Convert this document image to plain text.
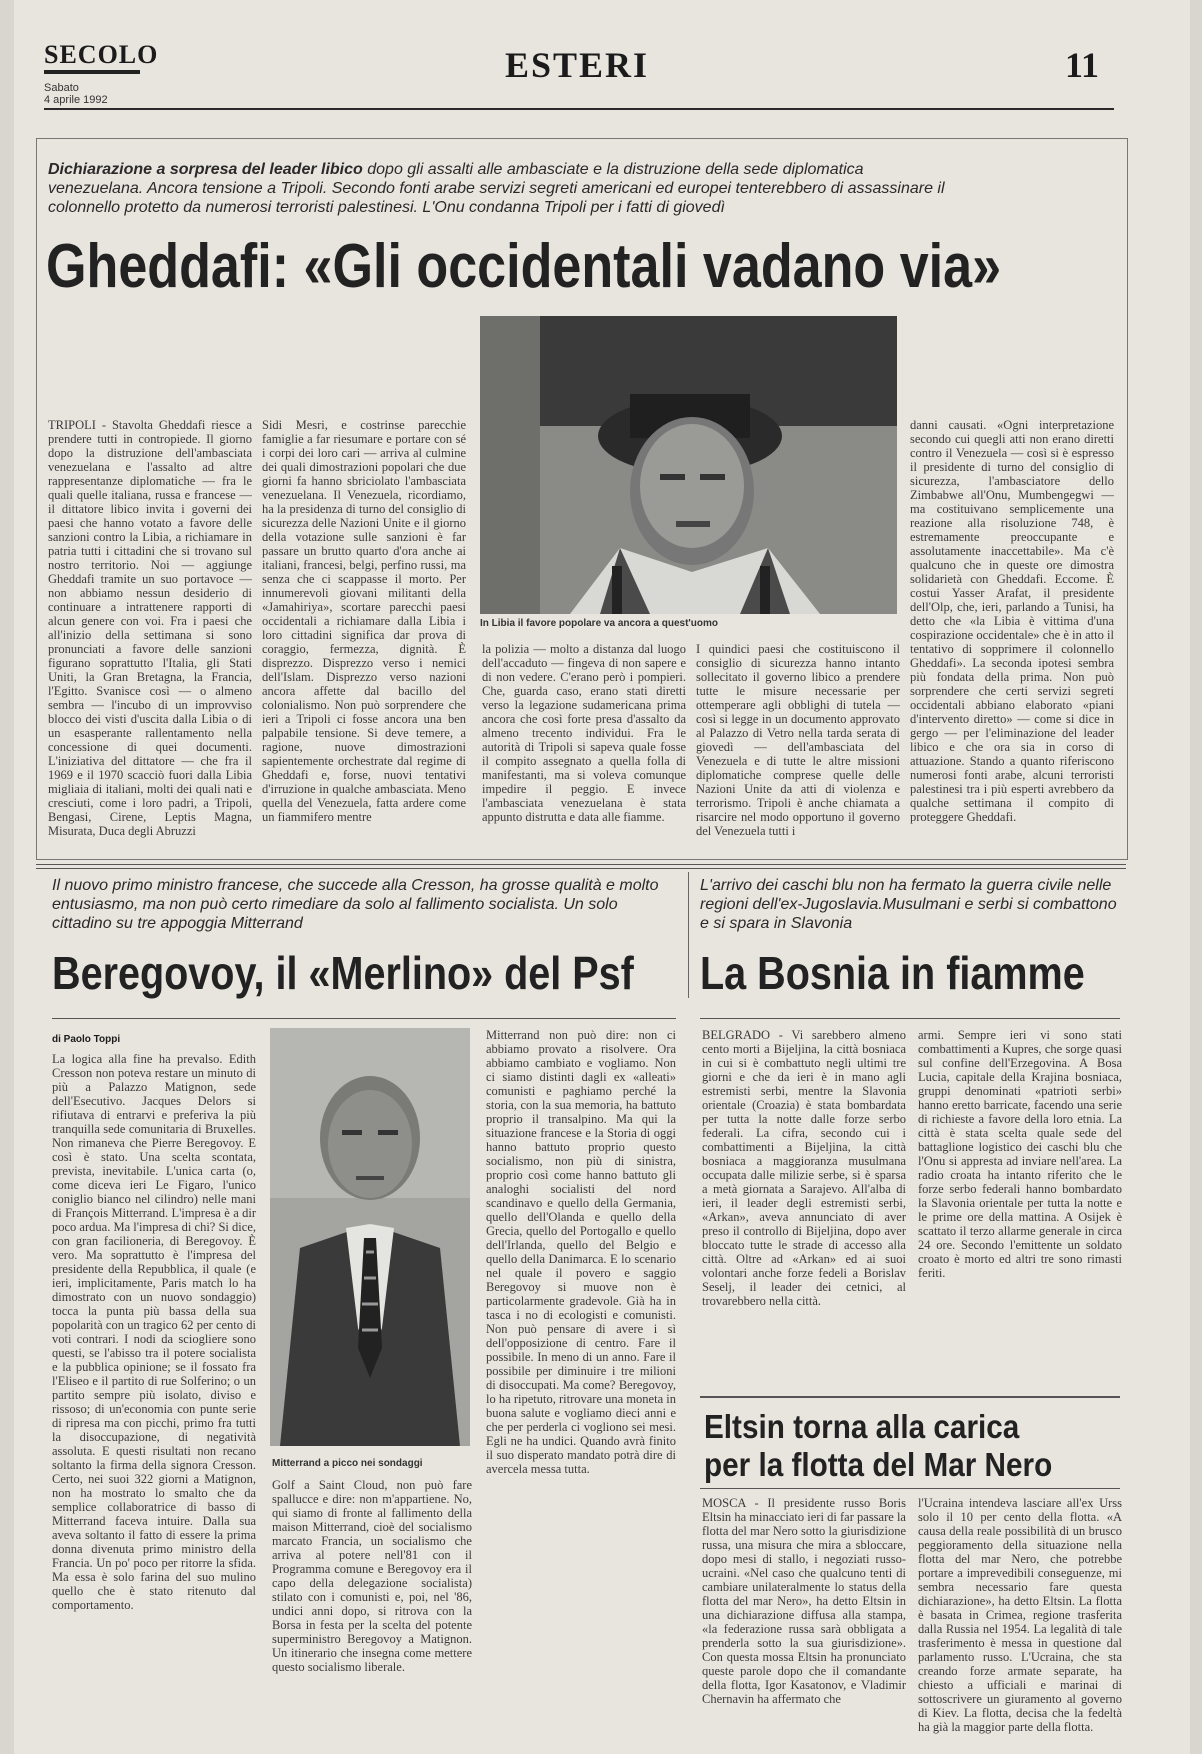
SECOLO
Sabato
4 aprile 1992
ESTERI	11
Dichiarazione a sorpresa del leader libico dopo gli assalti alle ambasciate e la distruzione della sede diplomatica venezuelana. Ancora tensione a Tripoli. Secondo fonti arabe servizi segreti americani ed europei tenterebbero di assassinare il colonnello protetto da numerosi terroristi palestinesi. L'Onu condanna Tripoli per i fatti di giovedì
Gheddafi: «Gli occidentali vadano via»
In Libia il favore popolare va ancora a quest'uomo
TRIPOLI - Stavolta Gheddafi riesce a prendere tutti in contropiede. Il giorno dopo la distruzione dell'ambasciata venezuelana e l'assalto ad altre rappresentanze diplomatiche — fra le quali quelle italiana, russa e francese — il dittatore libico invita i governi dei paesi che hanno votato a favore delle sanzioni contro la Libia, a richiamare in patria tutti i cittadini che si trovano sul nostro territorio. Noi — aggiunge Gheddafi tramite un suo portavoce — non abbiamo nessun desiderio di continuare a intrattenere rapporti di alcun genere con voi. Fra i paesi che all'inizio della settimana si sono pronunciati a favore delle sanzioni figurano soprattutto l'Italia, gli Stati Uniti, la Gran Bretagna, la Francia, l'Egitto. Svanisce così — o almeno sembra — l'incubo di un improvviso blocco dei visti d'uscita dalla Libia o di un esasperante rallentamento nella concessione di quei documenti. L'iniziativa del dittatore — che fra il 1969 e il 1970 scacciò fuori dalla Libia migliaia di italiani, molti dei quali nati e cresciuti, come i loro padri, a Tripoli, Bengasi, Cirene, Leptis Magna, Misurata, Duca degli Abruzzi
Sidi Mesri, e costrinse parecchie famiglie a far riesumare e portare con sé i corpi dei loro cari — arriva al culmine dei quali dimostrazioni popolari che due giorni fa hanno sbriciolato l'ambasciata venezuelana. Il Venezuela, ricordiamo, ha la presidenza di turno del consiglio di sicurezza delle Nazioni Unite e il giorno della votazione sulle sanzioni è far passare un brutto quarto d'ora anche ai italiani, francesi, belgi, perfino russi, ma senza che ci scappasse il morto. Per innumerevoli giovani militanti della «Jamahiriya», scortare parecchi paesi occidentali a richiamare dalla Libia i loro cittadini significa dar prova di coraggio, fermezza, dignità. È disprezzo. Disprezzo verso i nemici dell'Islam. Disprezzo verso nazioni ancora affette dal bacillo del colonialismo. Non può sorprendere che ieri a Tripoli ci fosse ancora una ben palpabile tensione. Si deve temere, a ragione, nuove dimostrazioni sapientemente orchestrate dal regime di Gheddafi e, forse, nuovi tentativi d'irruzione in qualche ambasciata. Meno quella del Venezuela, fatta ardere come un fiammifero mentre
la polizia — molto a distanza dal luogo dell'accaduto — fingeva di non sapere e di non vedere. C'erano però i pompieri. Che, guarda caso, erano stati diretti verso la legazione sudamericana prima ancora che così forte presa d'assalto da almeno trecento individui. Fra le autorità di Tripoli si sapeva quale fosse il compito assegnato a quella folla di manifestanti, ma si voleva comunque impedire il peggio. E invece l'ambasciata venezuelana è stata appunto distrutta e data alle fiamme.
I quindici paesi che costituiscono il consiglio di sicurezza hanno intanto sollecitato il governo libico a prendere tutte le misure necessarie per ottemperare agli obblighi di tutela — così si legge in un documento approvato al Palazzo di Vetro nella tarda serata di giovedì — dell'ambasciata del Venezuela e di tutte le altre missioni diplomatiche comprese quelle delle Nazioni Unite da atti di violenza e terrorismo. Tripoli è anche chiamata a risarcire nel modo opportuno il governo del Venezuela tutti i
danni causati. «Ogni interpretazione secondo cui quegli atti non erano diretti contro il Venezuela — così si è espresso il presidente di turno del consiglio di sicurezza, l'ambasciatore dello Zimbabwe all'Onu, Mumbengegwi — ma costituivano semplicemente una reazione alla risoluzione 748, è estremamente preoccupante e assolutamente inaccettabile». Ma c'è qualcuno che in queste ore dimostra solidarietà con Gheddafi. Eccome. È costui Yasser Arafat, il presidente dell'Olp, che, ieri, parlando a Tunisi, ha detto che «la Libia è vittima d'una cospirazione occidentale» che è in atto il tentativo di sopprimere il colonnello Gheddafi». La seconda ipotesi sembra più fondata della prima. Non può sorprendere che certi servizi segreti occidentali abbiano elaborato «piani d'intervento diretto» — come si dice in gergo — per l'eliminazione del leader libico e che ora sia in corso di attuazione. Stando a quanto riferiscono numerosi fonti arabe, alcuni terroristi palestinesi tra i più esperti avrebbero da qualche settimana il compito di proteggere Gheddafi.
Il nuovo primo ministro francese, che succede alla Cresson, ha grosse qualità e molto entusiasmo, ma non può certo rimediare da solo al fallimento socialista. Un solo cittadino su tre appoggia Mitterrand
Beregovoy, il «Merlino» del Psf
di Paolo Toppi
Mitterrand a picco nei sondaggi
La logica alla fine ha prevalso. Edith Cresson non poteva restare un minuto di più a Palazzo Matignon, sede dell'Esecutivo. Jacques Delors si rifiutava di entrarvi e preferiva la più tranquilla sede comunitaria di Bruxelles. Non rimaneva che Pierre Beregovoy. E così è stato. Una scelta scontata, prevista, inevitabile. L'unica carta (o, come diceva ieri Le Figaro, l'unico coniglio bianco nel cilindro) nelle mani di François Mitterrand. L'impresa è a dir poco ardua. Ma l'impresa di chi? Si dice, con gran facilioneria, di Beregovoy. È vero. Ma soprattutto è l'impresa del presidente della Repubblica, il quale (e ieri, implicitamente, Paris match lo ha dimostrato con un nuovo sondaggio) tocca la punta più bassa della sua popolarità con un tragico 62 per cento di voti contrari. I nodi da sciogliere sono questi, se l'abisso tra il potere socialista e la pubblica opinione; se il fossato fra l'Eliseo e il partito di rue Solferino; o un partito sempre più isolato, diviso e rissoso; di un'economia con punte serie di ripresa ma con picchi, primo fra tutti la disoccupazione, di negatività assoluta. E questi risultati non recano soltanto la firma della signora Cresson. Certo, nei suoi 322 giorni a Matignon, non ha mostrato lo smalto che da semplice collaboratrice di basso di Mitterrand faceva intuire. Dalla sua aveva soltanto il fatto di essere la prima donna divenuta primo ministro della Francia. Un po' poco per ritorre la sfida. Ma essa è solo farina del suo mulino quello che è stato ritenuto dal comportamento.
Golf a Saint Cloud, non può fare spallucce e dire: non m'appartiene. No, qui siamo di fronte al fallimento della maison Mitterrand, cioè del socialismo marcato Francia, un socialismo che arriva al potere nell'81 con il Programma comune e Beregovoy era il capo della delegazione socialista) stilato con i comunisti e, poi, nel '86, undici anni dopo, si ritrova con la Borsa in festa per la scelta del potente superministro Beregovoy a Matignon. Un itinerario che insegna come mettere questo socialismo liberale.
Mitterrand non può dire: non ci abbiamo provato a risolvere. Ora abbiamo cambiato e vogliamo. Non ci siamo distinti dagli ex «alleati» comunisti e paghiamo perché la storia, con la sua memoria, ha battuto proprio il transalpino. Ma qui la situazione francese e la Storia di oggi hanno battuto proprio questo socialismo, non più di sinistra, proprio così come hanno battuto gli analoghi socialisti del nord scandinavo e quello della Germania, quello dell'Olanda e quello della Grecia, quello del Portogallo e quello dell'Irlanda, quello del Belgio e quello della Danimarca. E lo scenario nel quale il povero e saggio Beregovoy si muove non è particolarmente gradevole. Già ha in tasca i no di ecologisti e comunisti. Non può pensare di avere i sì dell'opposizione di centro. Fare il possibile. In meno di un anno. Fare il possibile per diminuire i tre milioni di disoccupati. Ma come? Beregovoy, lo ha ripetuto, ritrovare una moneta in buona salute e vogliamo dieci anni e che per perderla ci vogliono sei mesi. Egli ne ha undici. Quando avrà finito il suo disperato mandato potrà dire di avercela messa tutta.
L'arrivo dei caschi blu non ha fermato la guerra civile nelle regioni dell'ex-Jugoslavia.Musulmani e serbi si combattono e si spara in Slavonia
La Bosnia in fiamme
BELGRADO - Vi sarebbero almeno cento morti a Bijeljina, la città bosniaca in cui si è combattuto negli ultimi tre giorni e che da ieri è in mano agli estremisti serbi, mentre la Slavonia orientale (Croazia) è stata bombardata per tutta la notte dalle forze serbo federali. La cifra, secondo cui i combattimenti a Bijeljina, la città bosniaca a maggioranza musulmana occupata dalle milizie serbe, si è sparsa a metà giornata a Sarajevo. All'alba di ieri, il leader degli estremisti serbi, «Arkan», aveva annunciato di aver preso il controllo di Bijeljina, dopo aver bloccato tutte le strade di accesso alla città. Oltre ad «Arkan» ed ai suoi volontari anche forze fedeli a Borislav Seselj, il leader dei cetnici, al trovarebbero nella città.
armi. Sempre ieri vi sono stati combattimenti a Kupres, che sorge quasi sul confine dell'Erzegovina. A Bosa Lucia, capitale della Krajina bosniaca, gruppi denominati «patrioti serbi» hanno eretto barricate, facendo una serie di richieste a favore della loro etnia. La città è stata scelta quale sede del battaglione logistico dei caschi blu che l'Onu si appresta ad inviare nell'area. La radio croata ha intanto riferito che le forze serbo federali hanno bombardato la Slavonia orientale per tutta la notte e le prime ore della mattina. A Osijek è scattato il terzo allarme generale in circa 24 ore. Secondo l'emittente un soldato croato è morto ed altri tre sono rimasti feriti.
Eltsin torna alla carica
per la flotta del Mar Nero
MOSCA - Il presidente russo Boris Eltsin ha minacciato ieri di far passare la flotta del mar Nero sotto la giurisdizione russa, una misura che mira a sbloccare, dopo mesi di stallo, i negoziati russo-ucraini. «Nel caso che qualcuno tenti di cambiare unilateralmente lo status della flotta del mar Nero», ha detto Eltsin in una dichiarazione diffusa alla stampa, «la federazione russa sarà obbligata a prenderla sotto la sua giurisdizione». Con questa mossa Eltsin ha pronunciato queste parole dopo che il comandante della flotta, Igor Kasatonov, e Vladimir Chernavin ha affermato che
l'Ucraina intendeva lasciare all'ex Urss solo il 10 per cento della flotta. «A causa della reale possibilità di un brusco peggioramento della situazione nella flotta del mar Nero, che potrebbe portare a imprevedibili conseguenze, mi sembra necessario fare questa dichiarazione», ha detto Eltsin. La flotta è basata in Crimea, regione trasferita dalla Russia nel 1954. La legalità di tale trasferimento è messa in questione dal parlamento russo. L'Ucraina, che sta creando forze armate separate, ha chiesto a ufficiali e marinai di sottoscrivere un giuramento al governo di Kiev. La flotta, decisa che la fedeltà ha già la maggior parte della flotta.
